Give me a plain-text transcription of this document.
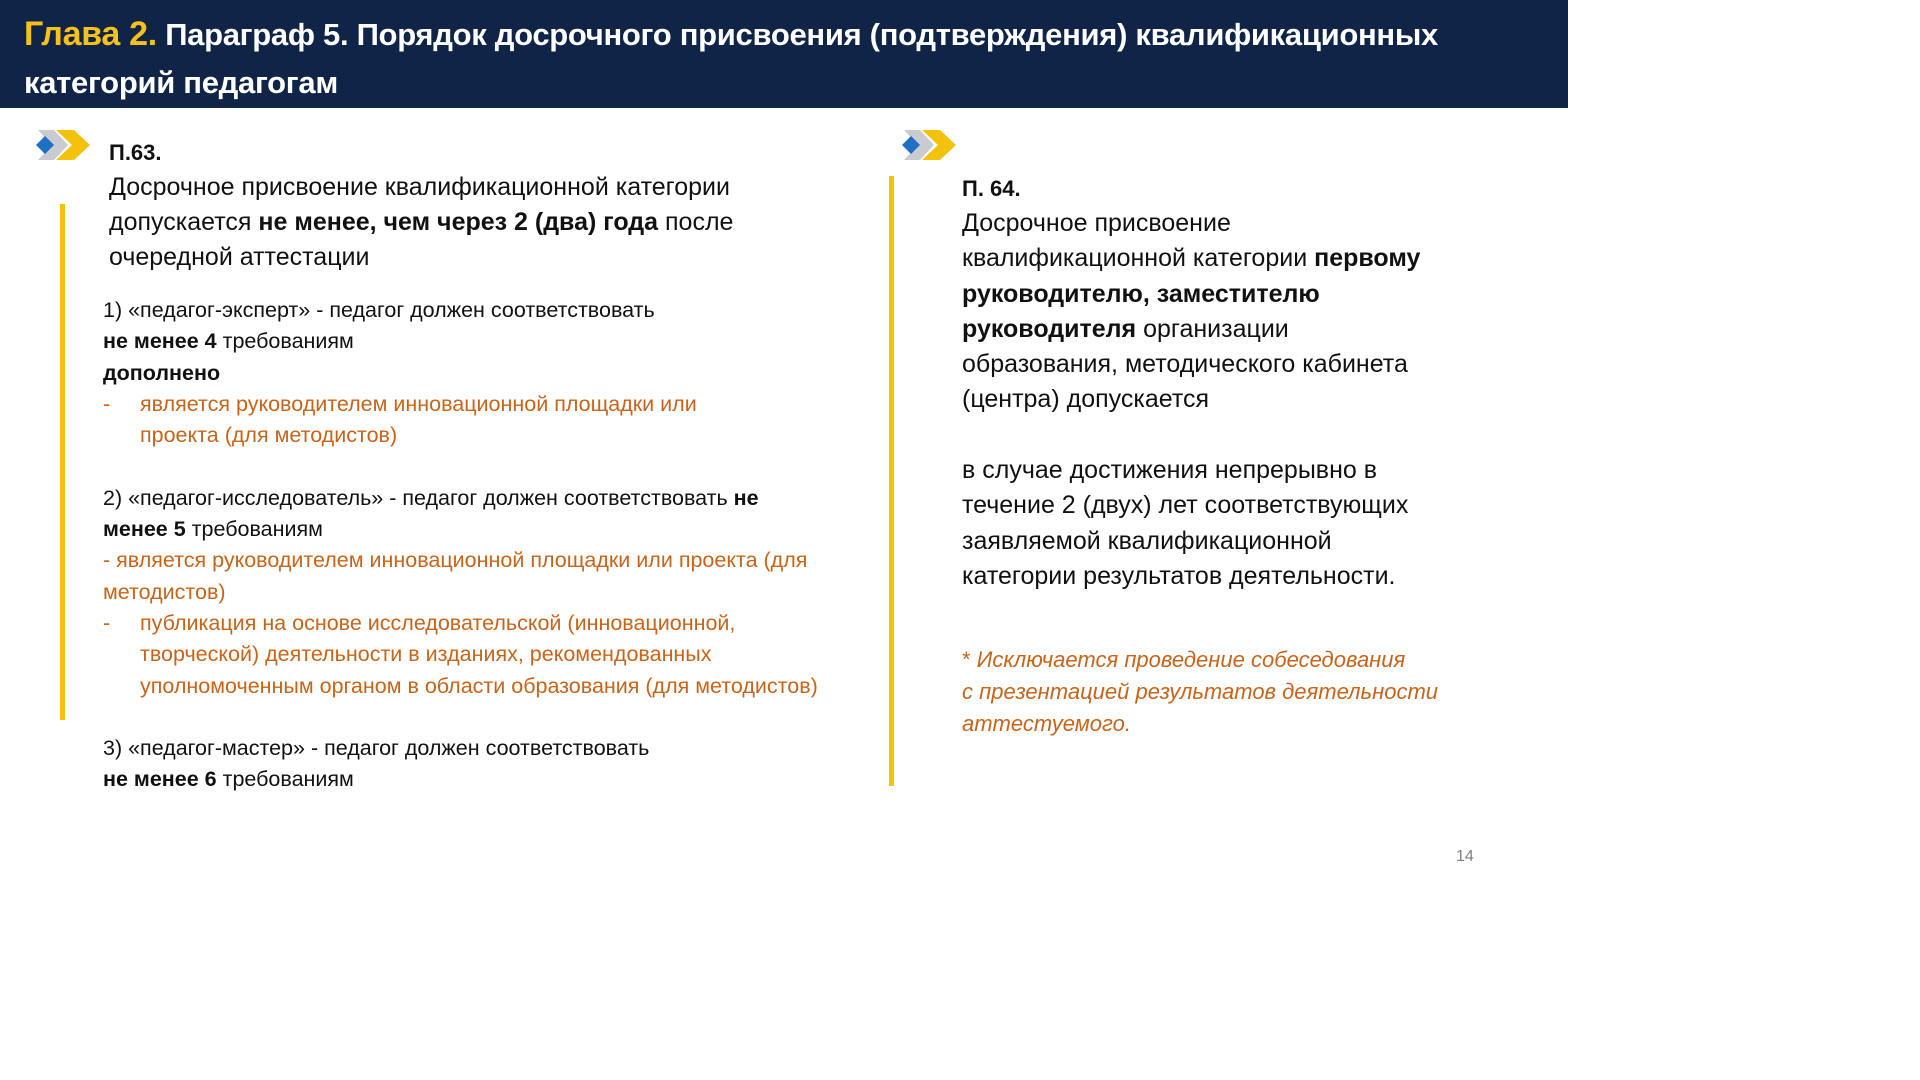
Глава 2. Параграф 5. Порядок досрочного присвоения (подтверждения) квалификационных
категорий педагогам
П.63.
Досрочное присвоение квалификационной категории
допускается не менее, чем через 2 (два) года после
очередной аттестации
1) «педагог-эксперт» - педагог должен соответствовать
не менее 4 требованиям
дополнено
- является руководителем инновационной площадки или проекта (для методистов)
2) «педагог-исследователь» - педагог должен соответствовать не
менее 5 требованиям
- является руководителем инновационной площадки или проекта (для методистов)
- публикация на основе исследовательской (инновационной, творческой) деятельности в изданиях, рекомендованных уполномоченным органом в области образования (для методистов)
3) «педагог-мастер» - педагог должен соответствовать
не менее 6 требованиям
П. 64.
Досрочное присвоение
квалификационной категории первому
руководителю, заместителю
руководителя организации
образования, методического кабинета
(центра) допускается
в случае достижения непрерывно в
течение 2 (двух) лет соответствующих
заявляемой квалификационной
категории результатов деятельности.
* Исключается проведение собеседования
с презентацией результатов деятельности
аттестуемого.
14
